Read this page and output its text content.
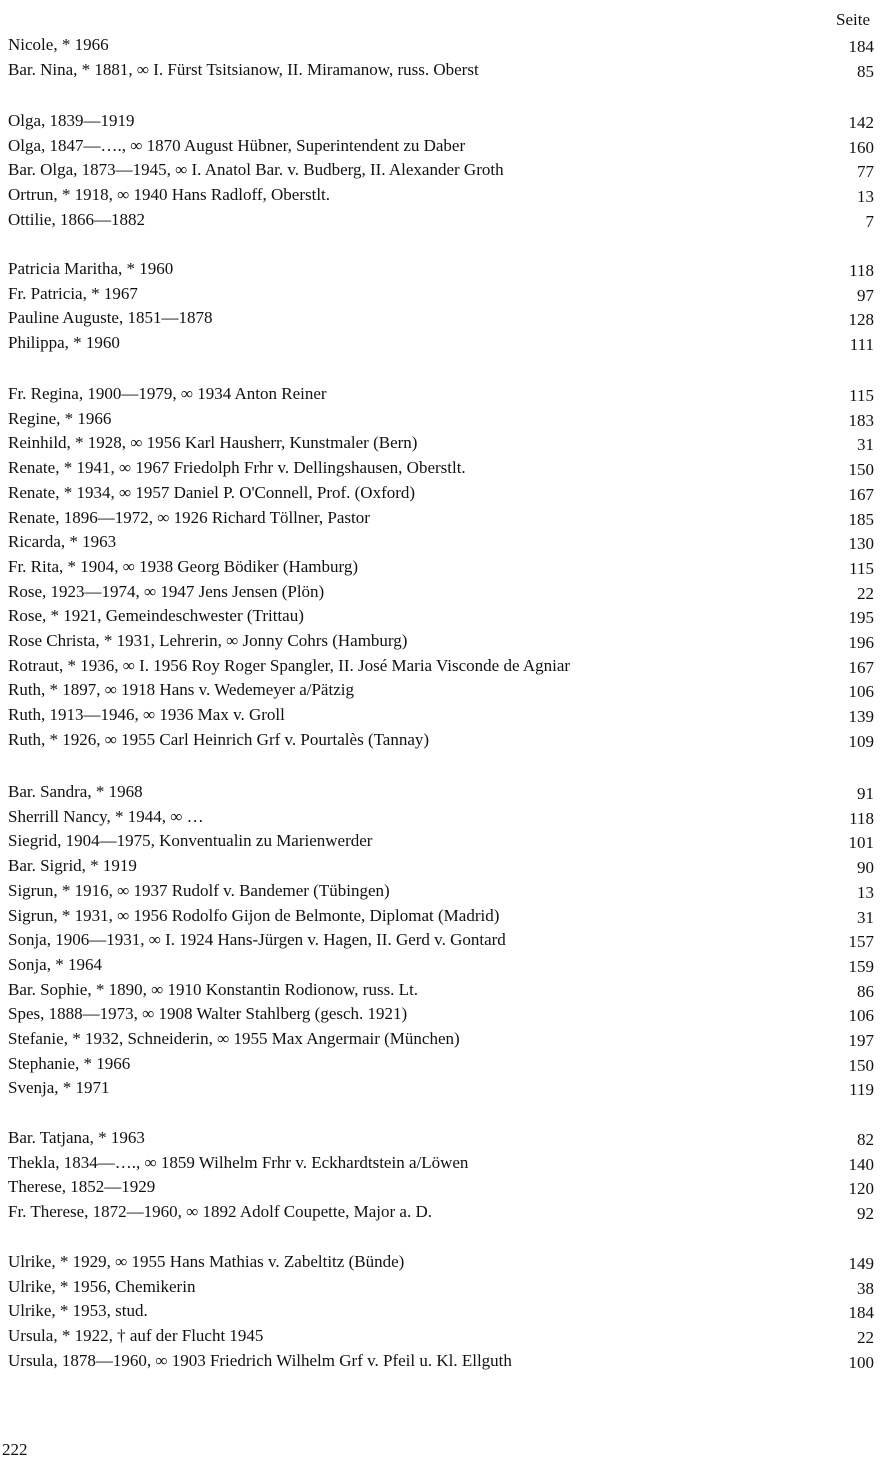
Seite
Nicole, * 1966	184
Bar. Nina, * 1881, ∞ I. Fürst Tsitsianow, II. Miramanow, russ. Oberst	85
Olga, 1839—1919	142
Olga, 1847—…., ∞ 1870 August Hübner, Superintendent zu Daber	160
Bar. Olga, 1873—1945, ∞ I. Anatol Bar. v. Budberg, II. Alexander Groth	77
Ortrun, * 1918, ∞ 1940 Hans Radloff, Oberstlt.	13
Ottilie, 1866—1882	7
Patricia Maritha, * 1960	118
Fr. Patricia, * 1967	97
Pauline Auguste, 1851—1878	128
Philippa, * 1960	111
Fr. Regina, 1900—1979, ∞ 1934 Anton Reiner	115
Regine, * 1966	183
Reinhild, * 1928, ∞ 1956 Karl Hausherr, Kunstmaler (Bern)	31
Renate, * 1941, ∞ 1967 Friedolph Frhr v. Dellingshausen, Oberstlt.	150
Renate, * 1934, ∞ 1957 Daniel P. O'Connell, Prof. (Oxford)	167
Renate, 1896—1972, ∞ 1926 Richard Töllner, Pastor	185
Ricarda, * 1963	130
Fr. Rita, * 1904, ∞ 1938 Georg Bödiker (Hamburg)	115
Rose, 1923—1974, ∞ 1947 Jens Jensen (Plön)	22
Rose, * 1921, Gemeindeschwester (Trittau)	195
Rose Christa, * 1931, Lehrerin, ∞ Jonny Cohrs (Hamburg)	196
Rotraut, * 1936, ∞ I. 1956 Roy Roger Spangler, II. José Maria Visconde de Agniar	167
Ruth, * 1897, ∞ 1918 Hans v. Wedemeyer a/Pätzig	106
Ruth, 1913—1946, ∞ 1936 Max v. Groll	139
Ruth, * 1926, ∞ 1955 Carl Heinrich Grf v. Pourtalès (Tannay)	109
Bar. Sandra, * 1968	91
Sherrill Nancy, * 1944, ∞ …	118
Siegrid, 1904—1975, Konventualin zu Marienwerder	101
Bar. Sigrid, * 1919	90
Sigrun, * 1916, ∞ 1937 Rudolf v. Bandemer (Tübingen)	13
Sigrun, * 1931, ∞ 1956 Rodolfo Gijon de Belmonte, Diplomat (Madrid)	31
Sonja, 1906—1931, ∞ I. 1924 Hans-Jürgen v. Hagen, II. Gerd v. Gontard	157
Sonja, * 1964	159
Bar. Sophie, * 1890, ∞ 1910 Konstantin Rodionow, russ. Lt.	86
Spes, 1888—1973, ∞ 1908 Walter Stahlberg (gesch. 1921)	106
Stefanie, * 1932, Schneiderin, ∞ 1955 Max Angermair (München)	197
Stephanie, * 1966	150
Svenja, * 1971	119
Bar. Tatjana, * 1963	82
Thekla, 1834—…., ∞ 1859 Wilhelm Frhr v. Eckhardtstein a/Löwen	140
Therese, 1852—1929	120
Fr. Therese, 1872—1960, ∞ 1892 Adolf Coupette, Major a. D.	92
Ulrike, * 1929, ∞ 1955 Hans Mathias v. Zabeltitz (Bünde)	149
Ulrike, * 1956, Chemikerin	38
Ulrike, * 1953, stud.	184
Ursula, * 1922, † auf der Flucht 1945	22
Ursula, 1878—1960, ∞ 1903 Friedrich Wilhelm Grf v. Pfeil u. Kl. Ellguth	100
222
